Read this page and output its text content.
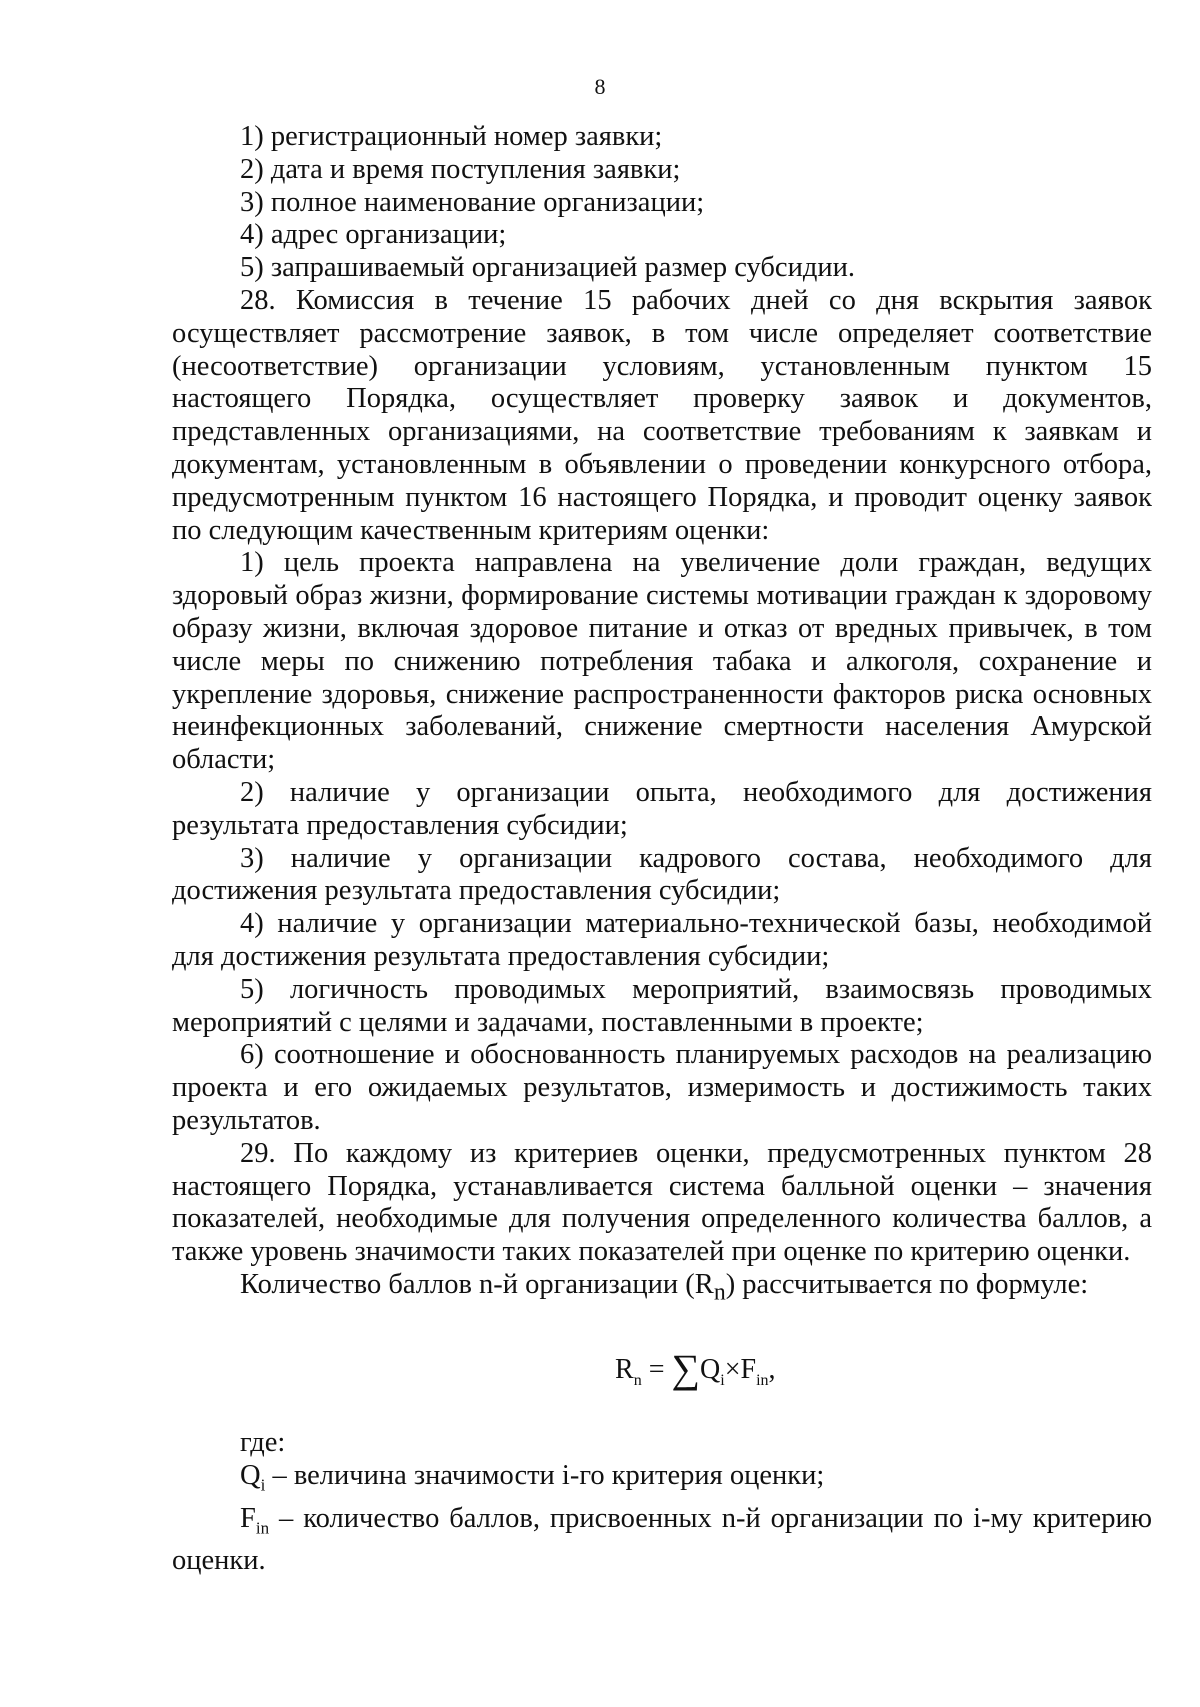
8

1) регистрационный номер заявки;

2) дата и время поступления заявки;

3) полное наименование организации;

4) адрес организации;

5) запрашиваемый организацией размер субсидии.

28. Комиссия в течение 15 рабочих дней со дня вскрытия заявок осуществляет рассмотрение заявок, в том числе определяет соответствие (несоответствие) организации условиям, установленным пунктом 15 настоящего Порядка, осуществляет проверку заявок и документов, представленных организациями, на соответствие требованиям к заявкам и документам, установленным в объявлении о проведении конкурсного отбора, предусмотренным пунктом 16 настоящего Порядка, и проводит оценку заявок по следующим качественным критериям оценки:

1) цель проекта направлена на увеличение доли граждан, ведущих здоровый образ жизни, формирование системы мотивации граждан к здоровому образу жизни, включая здоровое питание и отказ от вредных привычек, в том числе меры по снижению потребления табака и алкоголя, сохранение и укрепление здоровья, снижение распространенности факторов риска основных неинфекционных заболеваний, снижение смертности населения Амурской области;

2) наличие у организации опыта, необходимого для достижения результата предоставления субсидии;

3) наличие у организации кадрового состава, необходимого для достижения результата предоставления субсидии;

4) наличие у организации материально-технической базы, необходимой для достижения результата предоставления субсидии;

5) логичность проводимых мероприятий, взаимосвязь проводимых мероприятий с целями и задачами, поставленными в проекте;

6) соотношение и обоснованность планируемых расходов на реализацию проекта и его ожидаемых результатов, измеримость и достижимость таких результатов.

29. По каждому из критериев оценки, предусмотренных пунктом 28 настоящего Порядка, устанавливается система балльной оценки – значения показателей, необходимые для получения определенного количества баллов, а также уровень значимости таких показателей при оценке по критерию оценки.

Количество баллов n-й организации $(R_n)$ рассчитывается по формуле:

$R_n = \sum Q_i\times F_{in}$,

где:

$Q_i$ – величина значимости i-го критерия оценки;

$F_{in}$ – количество баллов, присвоенных n-й организации по i-му критерию оценки.
